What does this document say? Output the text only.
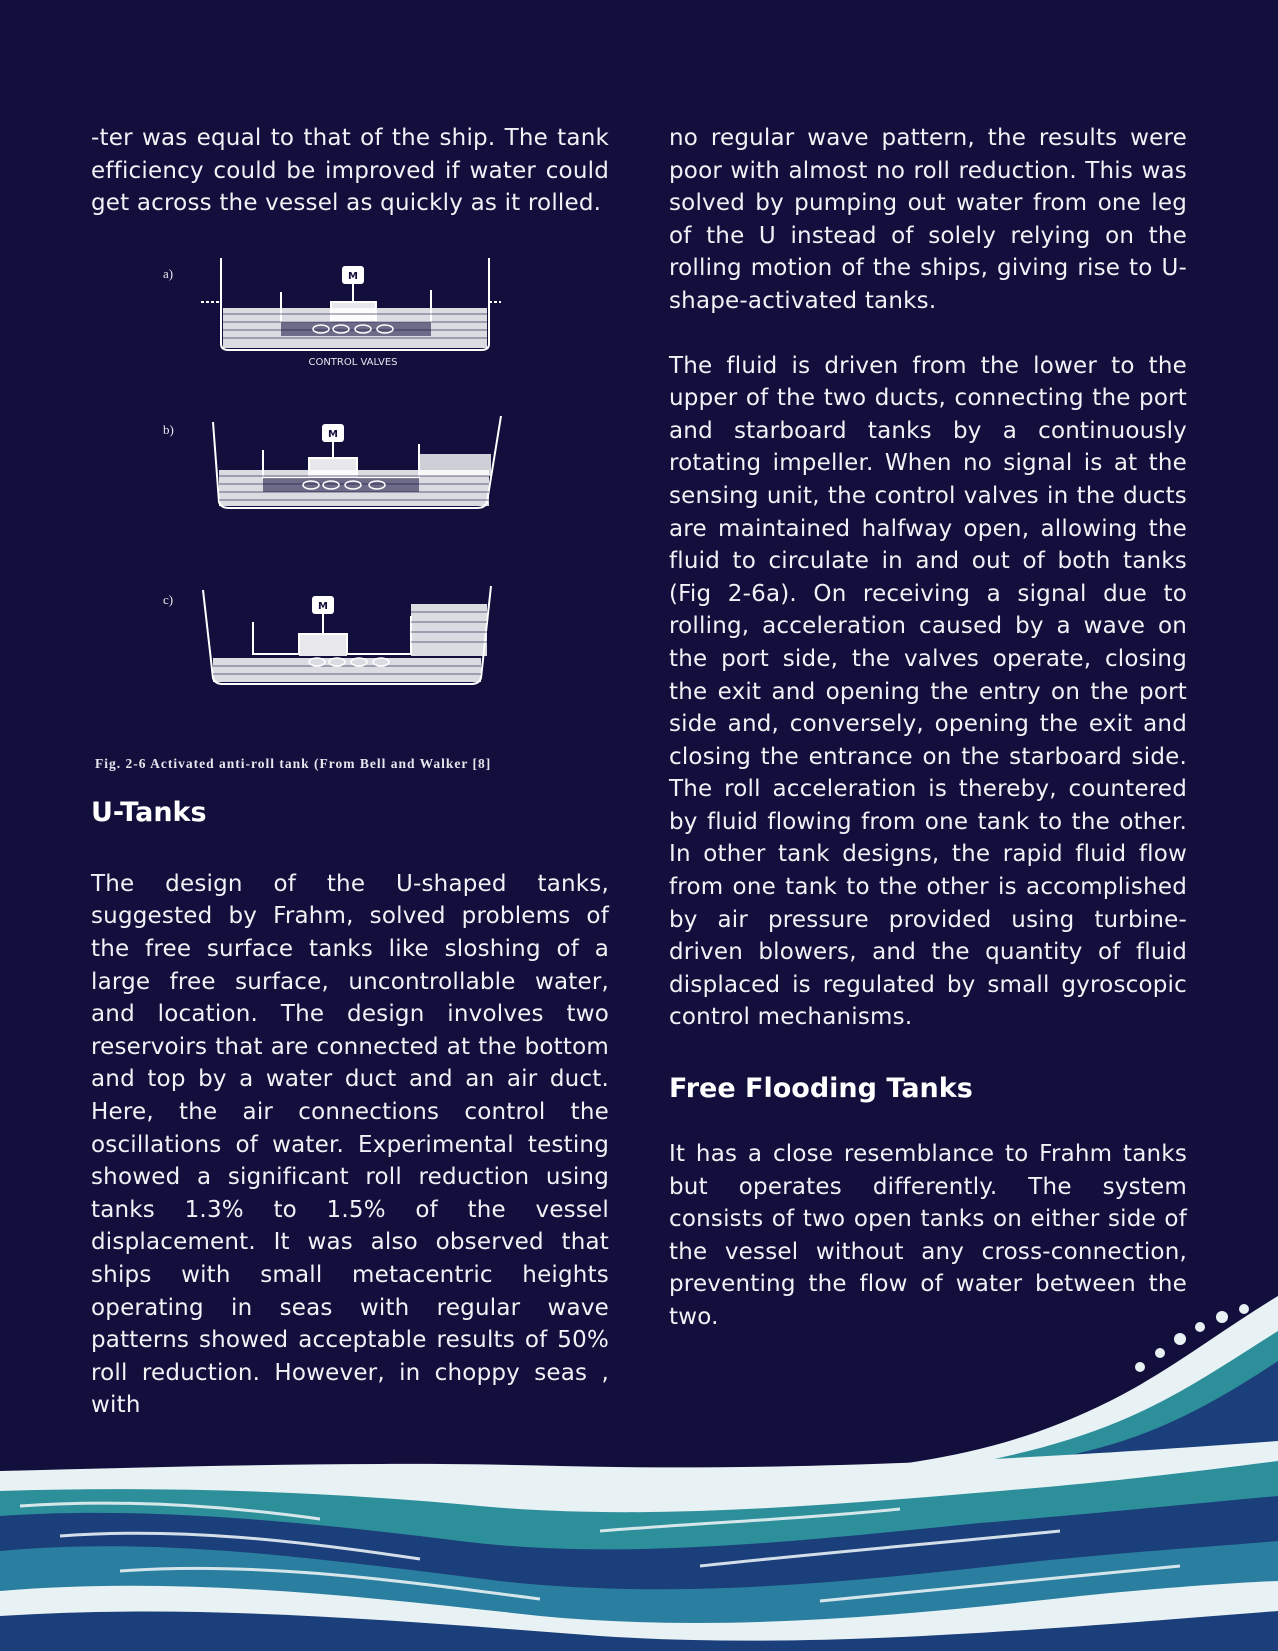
-ter was equal to that of the ship. The tank efficiency could be improved if water could get across the vessel as quickly as it rolled.

a)	M
CONTROL VALVES
b)	M
c)	M
Fig. 2-6 Activated anti-roll tank (From Bell and Walker [8]
U-Tanks

The design of the U-shaped tanks, suggested by Frahm, solved problems of the free surface tanks like sloshing of a large free surface, uncontrollable water, and location. The design involves two reservoirs that are connected at the bottom and top by a water duct and an air duct. Here, the air connections control the oscillations of water. Experimental testing showed a significant roll reduction using tanks 1.3% to 1.5% of the vessel displacement. It was also observed that ships with small metacentric heights operating in seas with regular wave patterns showed acceptable results of 50% roll reduction. However, in choppy seas , with

no regular wave pattern, the results were poor with almost no roll reduction. This was solved by pumping out water from one leg of the U instead of solely relying on the rolling motion of the ships, giving rise to U-shape-activated tanks.

The fluid is driven from the lower to the upper of the two ducts, connecting the port and starboard tanks by a continuously rotating impeller. When no signal is at the sensing unit, the control valves in the ducts are maintained halfway open, allowing the fluid to circulate in and out of both tanks (Fig 2-6a). On receiving a signal due to rolling, acceleration caused by a wave on the port side, the valves operate, closing the exit and opening the entry on the port side and, conversely, opening the exit and closing the entrance on the starboard side. The roll acceleration is thereby, countered by fluid flowing from one tank to the other. In other tank designs, the rapid fluid flow from one tank to the other is accomplished by air pressure provided using turbine-driven blowers, and the quantity of fluid displaced is regulated by small gyroscopic control mechanisms.

Free Flooding Tanks

It has a close resemblance to Frahm tanks but operates differently. The system consists of two open tanks on either side of the vessel without any cross-connection, preventing the flow of water between the two.
